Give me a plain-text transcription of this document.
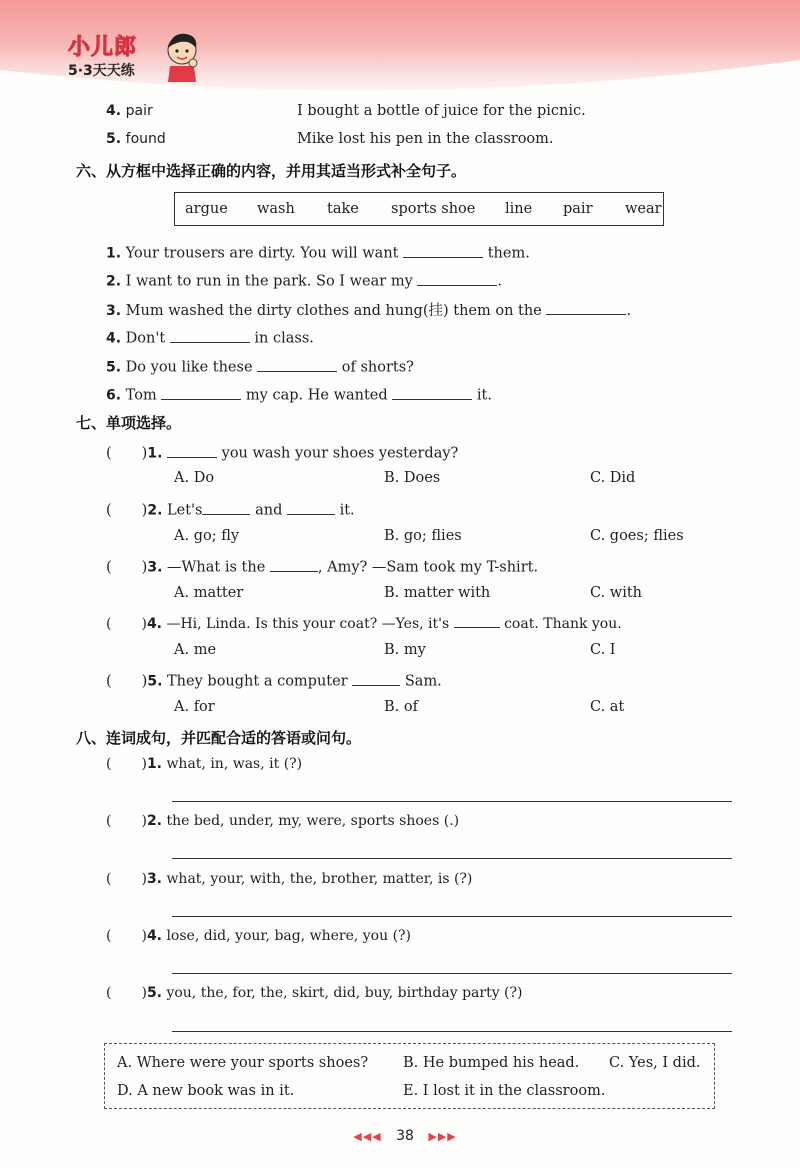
小儿郎
5·3天天练
4. pair	I bought a bottle of juice for the picnic.
5. found	Mike lost his pen in the classroom.
六、从方框中选择正确的内容，并用其适当形式补全句子。
argue wash take sports shoe line pair wear
1. Your trousers are dirty. You will want	them.
2. I want to run in the park. So I wear my	.
3. Mum washed the dirty clothes and hung(挂) them on the	.
4. Don't	in class.
5. Do you like these	of shorts?
6. Tom	my cap. He wanted	it.
七、单项选择。
( )1.	you wash your shoes yesterday?
A. Do	B. Does	C. Did
( )2. Let's	and	it.
A. go; fly	B. go; flies	C. goes; flies
( )3. —What is the	, Amy? —Sam took my T-shirt.
A. matter	B. matter with	C. with
( )4. —Hi, Linda. Is this your coat? —Yes, it's	coat. Thank you.
A. me	B. my	C. I
( )5. They bought a computer	Sam.
A. for	B. of	C. at
八、连词成句，并匹配合适的答语或问句。
( )1. what, in, was, it (?)
( )2. the bed, under, my, were, sports shoes (.)
( )3. what, your, with, the, brother, matter, is (?)
( )4. lose, did, your, bag, where, you (?)
( )5. you, the, for, the, skirt, did, buy, birthday party (?)
A. Where were your sports shoes? B. He bumped his head. C. Yes, I did.
D. A new book was in it.	E. I lost it in the classroom.
◀◀◀ 38 ▶▶▶
